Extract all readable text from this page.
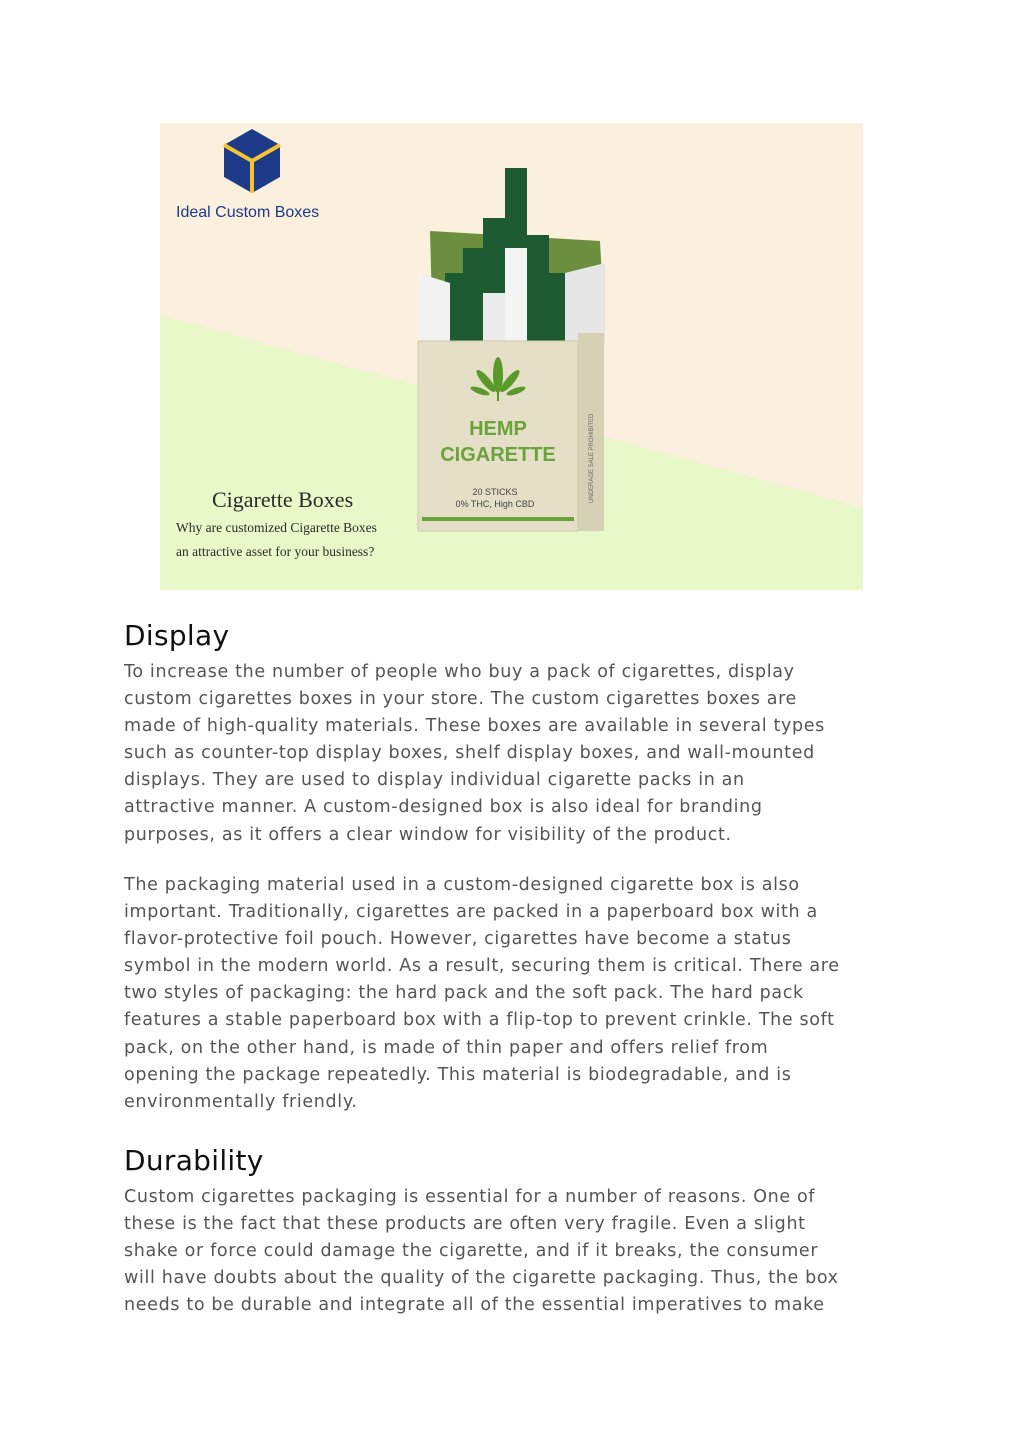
Ideal Custom Boxes
HEMP
CIGARETTE
20 STICKS
0% THC, High CBD
UNDERAGE SALE PROHIBITED
Cigarette Boxes
Why are customized Cigarette Boxes
an attractive asset for your business?
Display

To increase the number of people who buy a pack of cigarettes, display
custom cigarettes boxes in your store. The custom cigarettes boxes are
made of high-quality materials. These boxes are available in several types
such as counter-top display boxes, shelf display boxes, and wall-mounted
displays. They are used to display individual cigarette packs in an
attractive manner. A custom-designed box is also ideal for branding
purposes, as it offers a clear window for visibility of the product.

The packaging material used in a custom-designed cigarette box is also
important. Traditionally, cigarettes are packed in a paperboard box with a
flavor-protective foil pouch. However, cigarettes have become a status
symbol in the modern world. As a result, securing them is critical. There are
two styles of packaging: the hard pack and the soft pack. The hard pack
features a stable paperboard box with a flip-top to prevent crinkle. The soft
pack, on the other hand, is made of thin paper and offers relief from
opening the package repeatedly. This material is biodegradable, and is
environmentally friendly.

Durability

Custom cigarettes packaging is essential for a number of reasons. One of
these is the fact that these products are often very fragile. Even a slight
shake or force could damage the cigarette, and if it breaks, the consumer
will have doubts about the quality of the cigarette packaging. Thus, the box
needs to be durable and integrate all of the essential imperatives to make
